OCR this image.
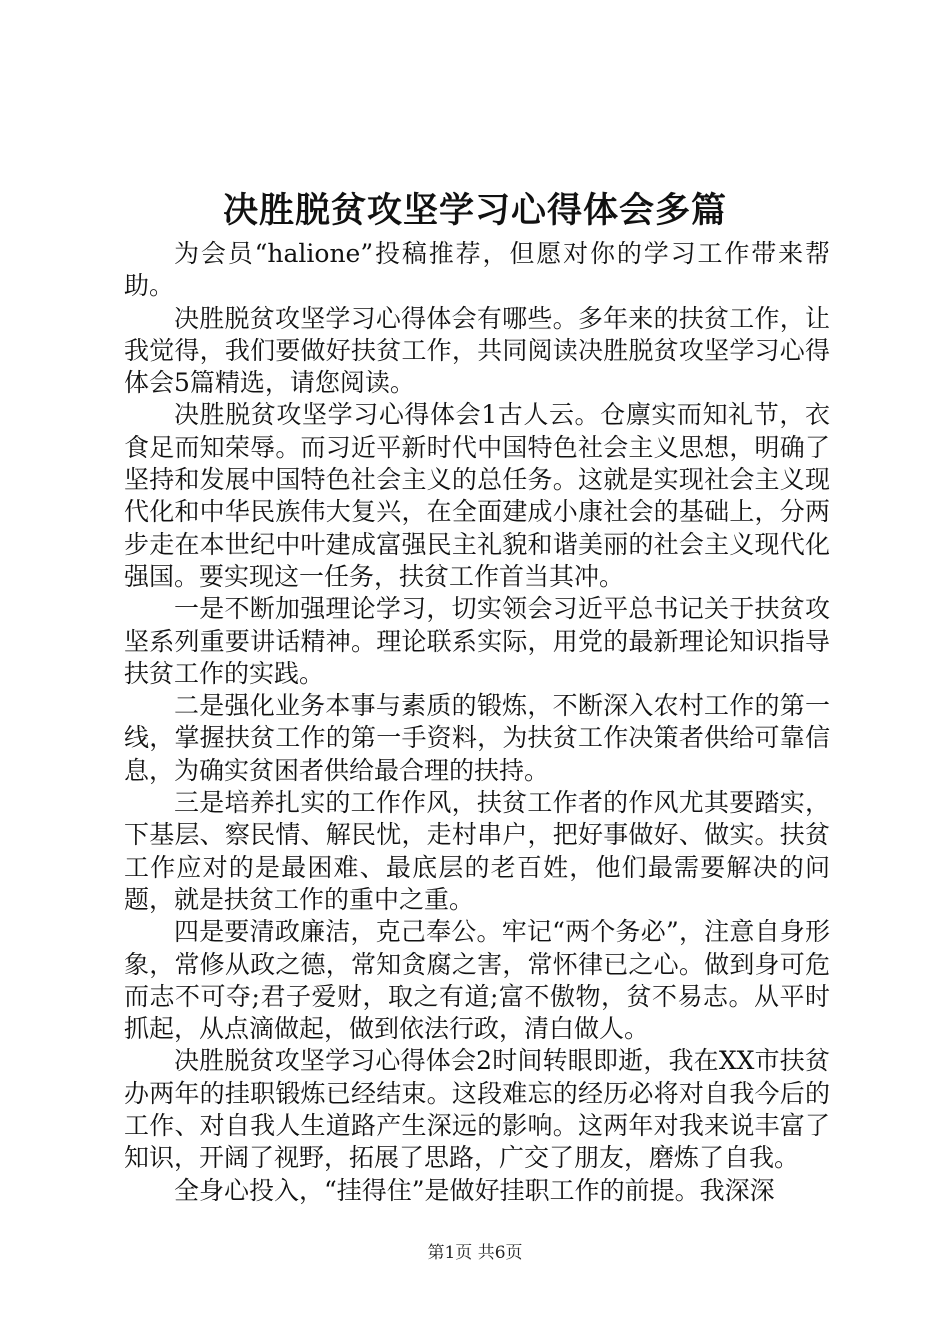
决胜脱贫攻坚学习心得体会多篇

为会员“halione”投稿推荐，但愿对你的学习工作带来帮助。

决胜脱贫攻坚学习心得体会有哪些。多年来的扶贫工作，让我觉得，我们要做好扶贫工作，共同阅读决胜脱贫攻坚学习心得体会5篇精选，请您阅读。

决胜脱贫攻坚学习心得体会1古人云。仓廪实而知礼节，衣食足而知荣辱。而习近平新时代中国特色社会主义思想，明确了坚持和发展中国特色社会主义的总任务。这就是实现社会主义现代化和中华民族伟大复兴，在全面建成小康社会的基础上，分两步走在本世纪中叶建成富强民主礼貌和谐美丽的社会主义现代化强国。要实现这一任务，扶贫工作首当其冲。

一是不断加强理论学习，切实领会习近平总书记关于扶贫攻坚系列重要讲话精神。理论联系实际，用党的最新理论知识指导扶贫工作的实践。

二是强化业务本事与素质的锻炼，不断深入农村工作的第一线，掌握扶贫工作的第一手资料，为扶贫工作决策者供给可靠信息，为确实贫困者供给最合理的扶持。

三是培养扎实的工作作风，扶贫工作者的作风尤其要踏实，下基层、察民情、解民忧，走村串户，把好事做好、做实。扶贫工作应对的是最困难、最底层的老百姓，他们最需要解决的问题，就是扶贫工作的重中之重。

四是要清政廉洁，克己奉公。牢记“两个务必”，注意自身形象，常修从政之德，常知贪腐之害，常怀律已之心。做到身可危而志不可夺;君子爱财，取之有道;富不傲物，贫不易志。从平时抓起，从点滴做起，做到依法行政，清白做人。

决胜脱贫攻坚学习心得体会2时间转眼即逝，我在XX市扶贫办两年的挂职锻炼已经结束。这段难忘的经历必将对自我今后的工作、对自我人生道路产生深远的影响。这两年对我来说丰富了知识，开阔了视野，拓展了思路，广交了朋友，磨炼了自我。

全身心投入，“挂得住”是做好挂职工作的前提。我深深

第1页 共6页
